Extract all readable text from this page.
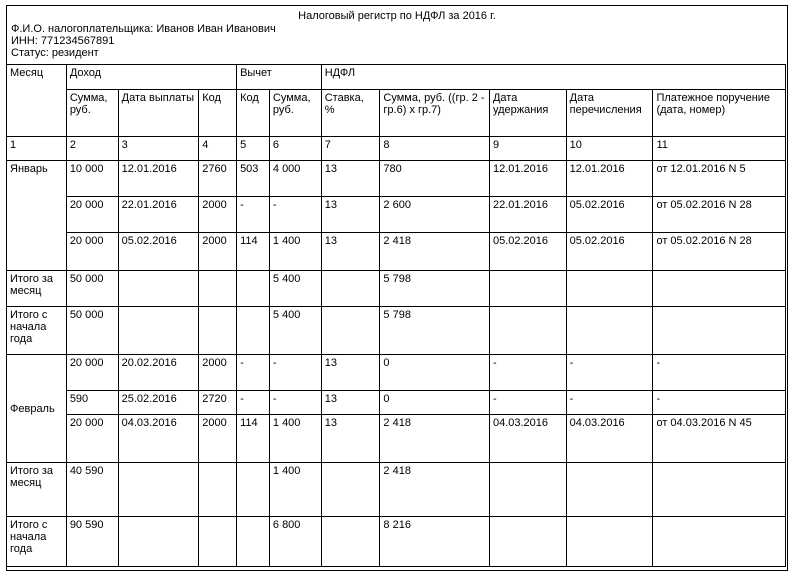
Налоговый регистр по НДФЛ за 2016 г.
Ф.И.О. налогоплательщика: Иванов Иван Иванович
ИНН: 771234567891
Статус: резидент
Месяц	Доход			Вычет		НДФЛ				
	Сумма, руб.	Дата выплаты	Код	Код	Сумма, руб.	Ставка, %	Сумма, руб. ((гр. 2 - гр.6) x гр.7)	Дата удержания	Дата перечисления	Платежное поручение (дата, номер)
1	2	3	4	5	6	7	8	9	10	11
Январь	10 000	12.01.2016	2760	503	4 000	13	780	12.01.2016	12.01.2016	от 12.01.2016 N 5
	20 000	22.01.2016	2000	-	-	13	2 600	22.01.2016	05.02.2016	от 05.02.2016 N 28
	20 000	05.02.2016	2000	114	1 400	13	2 418	05.02.2016	05.02.2016	от 05.02.2016 N 28
Итого за месяц	50 000				5 400		5 798			
Итого с начала года	50 000				5 400		5 798			
Февраль	20 000	20.02.2016	2000	-	-	13	0	-	-	-
	590	25.02.2016	2720	-	-	13	0	-	-	-
	20 000	04.03.2016	2000	114	1 400	13	2 418	04.03.2016	04.03.2016	от 04.03.2016 N 45
Итого за месяц	40 590				1 400		2 418			
Итого с начала года	90 590				6 800		8 216			
